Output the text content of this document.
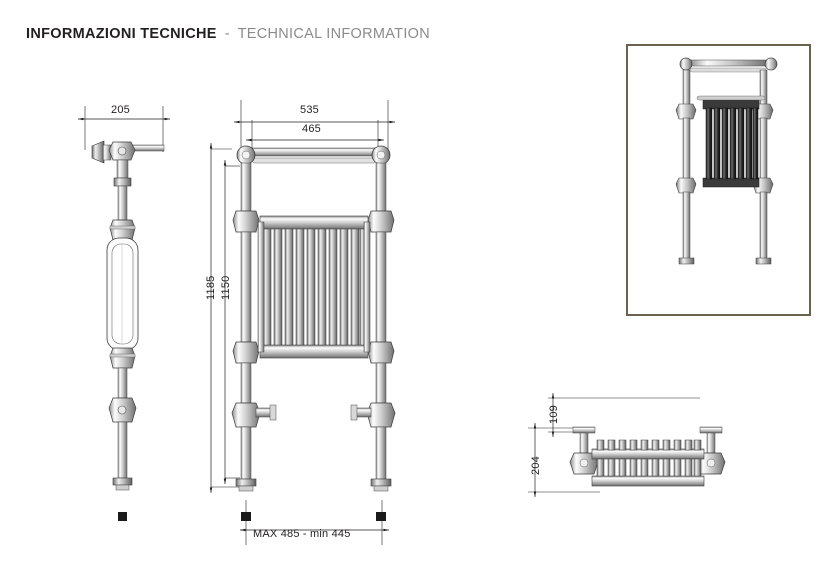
INFORMAZIONI TECNICHE - TECHNICAL INFORMATION
205	535
465
1185 1150
MAX 485 - min 445
109
204
